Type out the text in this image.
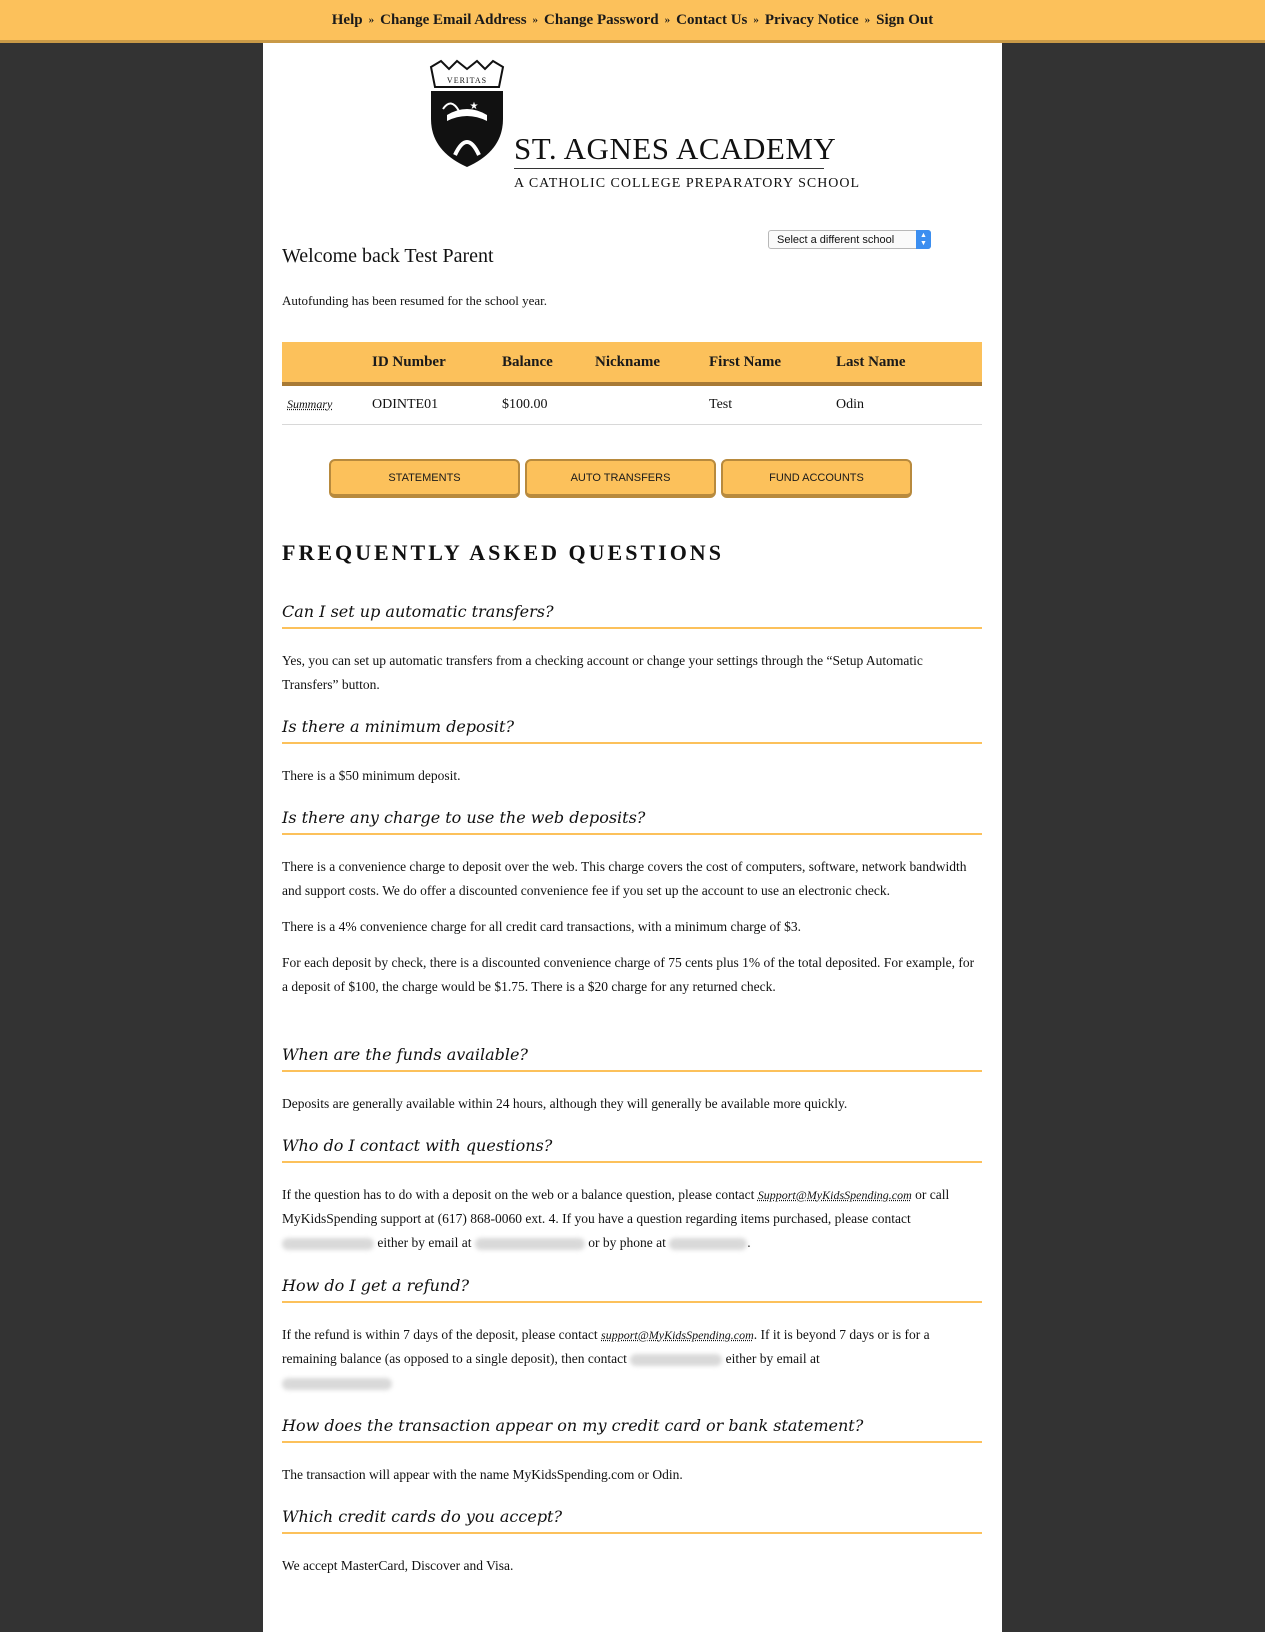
Help » Change Email Address » Change Password » Contact Us » Privacy Notice » Sign Out
VERITAS
★
ST. AGNES ACADEMY
A CATHOLIC COLLEGE PREPARATORY SCHOOL
Select a different school	▲
▼
Welcome back Test Parent
Autofunding has been resumed for the school year.
	ID Number	Balance	Nickname	First Name	Last Name
Summary	ODINTE01	$100.00		Test	Odin
STATEMENTS	AUTO TRANSFERS	FUND ACCOUNTS
FREQUENTLY ASKED QUESTIONS
Can I set up automatic transfers?

Yes, you can set up automatic transfers from a checking account or change your settings through the “Setup Automatic Transfers” button.

Is there a minimum deposit?

There is a $50 minimum deposit.

Is there any charge to use the web deposits?

There is a convenience charge to deposit over the web. This charge covers the cost of computers, software, network bandwidth and support costs. We do offer a discounted convenience fee if you set up the account to use an electronic check.

There is a 4% convenience charge for all credit card transactions, with a minimum charge of $3.

For each deposit by check, there is a discounted convenience charge of 75 cents plus 1% of the total deposited. For example, for a deposit of $100, the charge would be $1.75. There is a $20 charge for any returned check.

When are the funds available?

Deposits are generally available within 24 hours, although they will generally be available more quickly.

Who do I contact with questions?

If the question has to do with a deposit on the web or a balance question, please contact Support@MyKidsSpending.com or call MyKidsSpending support at (617) 868-0060 ext. 4. If you have a question regarding items purchased, please contact  either by email at	or by phone at	.

How do I get a refund?

If the refund is within 7 days of the deposit, please contact support@MyKidsSpending.com. If it is beyond 7 days or is for a remaining balance (as opposed to a single deposit), then contact	either by email at

How does the transaction appear on my credit card or bank statement?

The transaction will appear with the name MyKidsSpending.com or Odin.

Which credit cards do you accept?

We accept MasterCard, Discover and Visa.
